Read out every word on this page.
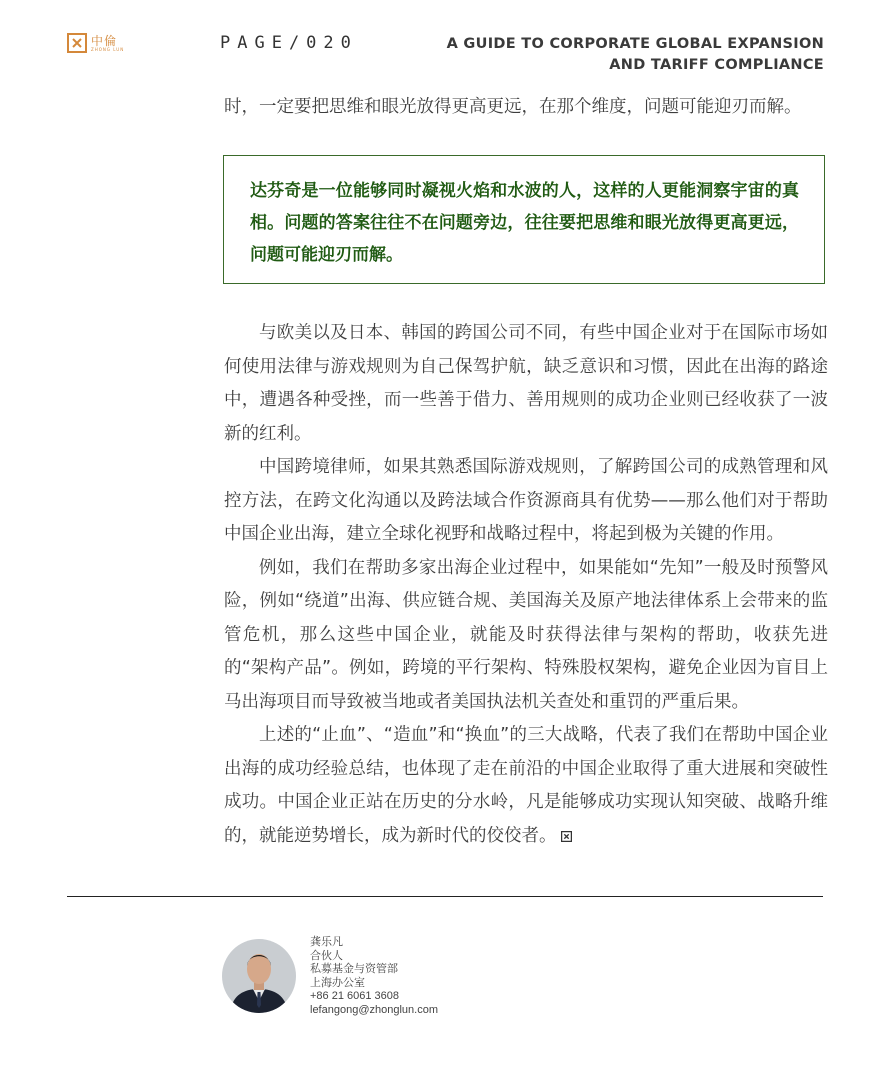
中倫
ZHONG LUN	PAGE/020	A GUIDE TO CORPORATE GLOBAL EXPANSION
AND TARIFF COMPLIANCE

时，一定要把思维和眼光放得更高更远，在那个维度，问题可能迎刃而解。

达芬奇是一位能够同时凝视火焰和水波的人，这样的人更能洞察宇宙的真相。问题的答案往往不在问题旁边，往往要把思维和眼光放得更高更远，问题可能迎刃而解。

与欧美以及日本、韩国的跨国公司不同，有些中国企业对于在国际市场如何使用法律与游戏规则为自己保驾护航，缺乏意识和习惯，因此在出海的路途中，遭遇各种受挫，而一些善于借力、善用规则的成功企业则已经收获了一波新的红利。

中国跨境律师，如果其熟悉国际游戏规则，了解跨国公司的成熟管理和风控方法，在跨文化沟通以及跨法域合作资源商具有优势——那么他们对于帮助中国企业出海，建立全球化视野和战略过程中，将起到极为关键的作用。

例如，我们在帮助多家出海企业过程中，如果能如“先知”一般及时预警风险，例如“绕道”出海、供应链合规、美国海关及原产地法律体系上会带来的监管危机，那么这些中国企业，就能及时获得法律与架构的帮助，收获先进的“架构产品”。例如，跨境的平行架构、特殊股权架构，避免企业因为盲目上马出海项目而导致被当地或者美国执法机关查处和重罚的严重后果。

上述的“止血”、“造血”和“换血”的三大战略，代表了我们在帮助中国企业出海的成功经验总结，也体现了走在前沿的中国企业取得了重大进展和突破性成功。中国企业正站在历史的分水岭，凡是能够成功实现认知突破、战略升维的，就能逆势增长，成为新时代的佼佼者。

龚乐凡
合伙人
私募基金与资管部
上海办公室
+86 21 6061 3608
lefangong@zhonglun.com
